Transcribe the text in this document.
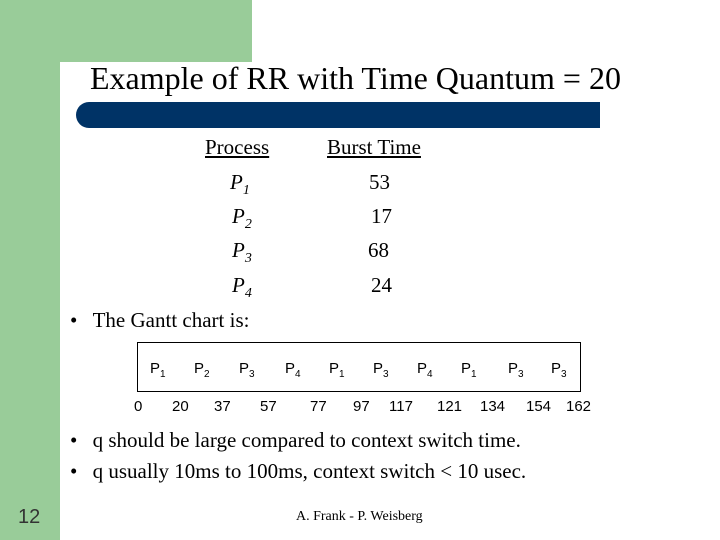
Example of RR with Time Quantum = 20
Process	Burst Time
$P_1$	53
$P_2$	17
$P_3$	68
$P_4$	24
• The Gantt chart is:
$P_1$ $P_2$ $P_3$ $P_4$ $P_1$ $P_3$ $P_4$ $P_1$ $P_3$ $P_3$
0 20 37 57 77 97 117 121 134 154 162
• q should be large compared to context switch time.
• q usually 10ms to 100ms, context switch < 10 usec.
12	A. Frank - P. Weisberg
